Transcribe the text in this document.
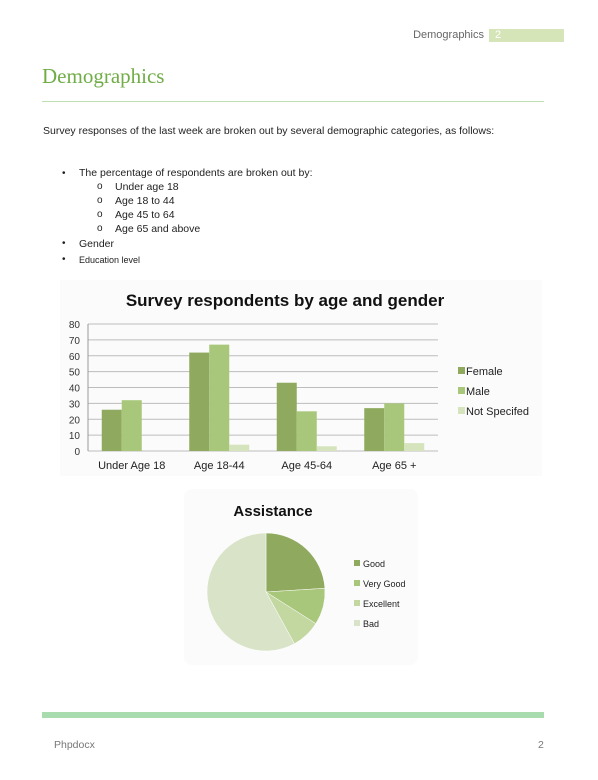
Demographics 2
Demographics
Survey responses of the last week are broken out by several demographic categories, as follows:
• The percentage of respondents are broken out by:
o Under age 18
o Age 18 to 44
o Age 45 to 64
o Age 65 and above
• Gender
• Education level
Survey respondents by age and gender
0
10
20
30
40
50
60
70
80
Under Age 18	Age 18-44	Age 45-64	Age 65 +
Female
Male
Not Specifed
Assistance
Good
Very Good
Excellent
Bad
Phpdocx	2
